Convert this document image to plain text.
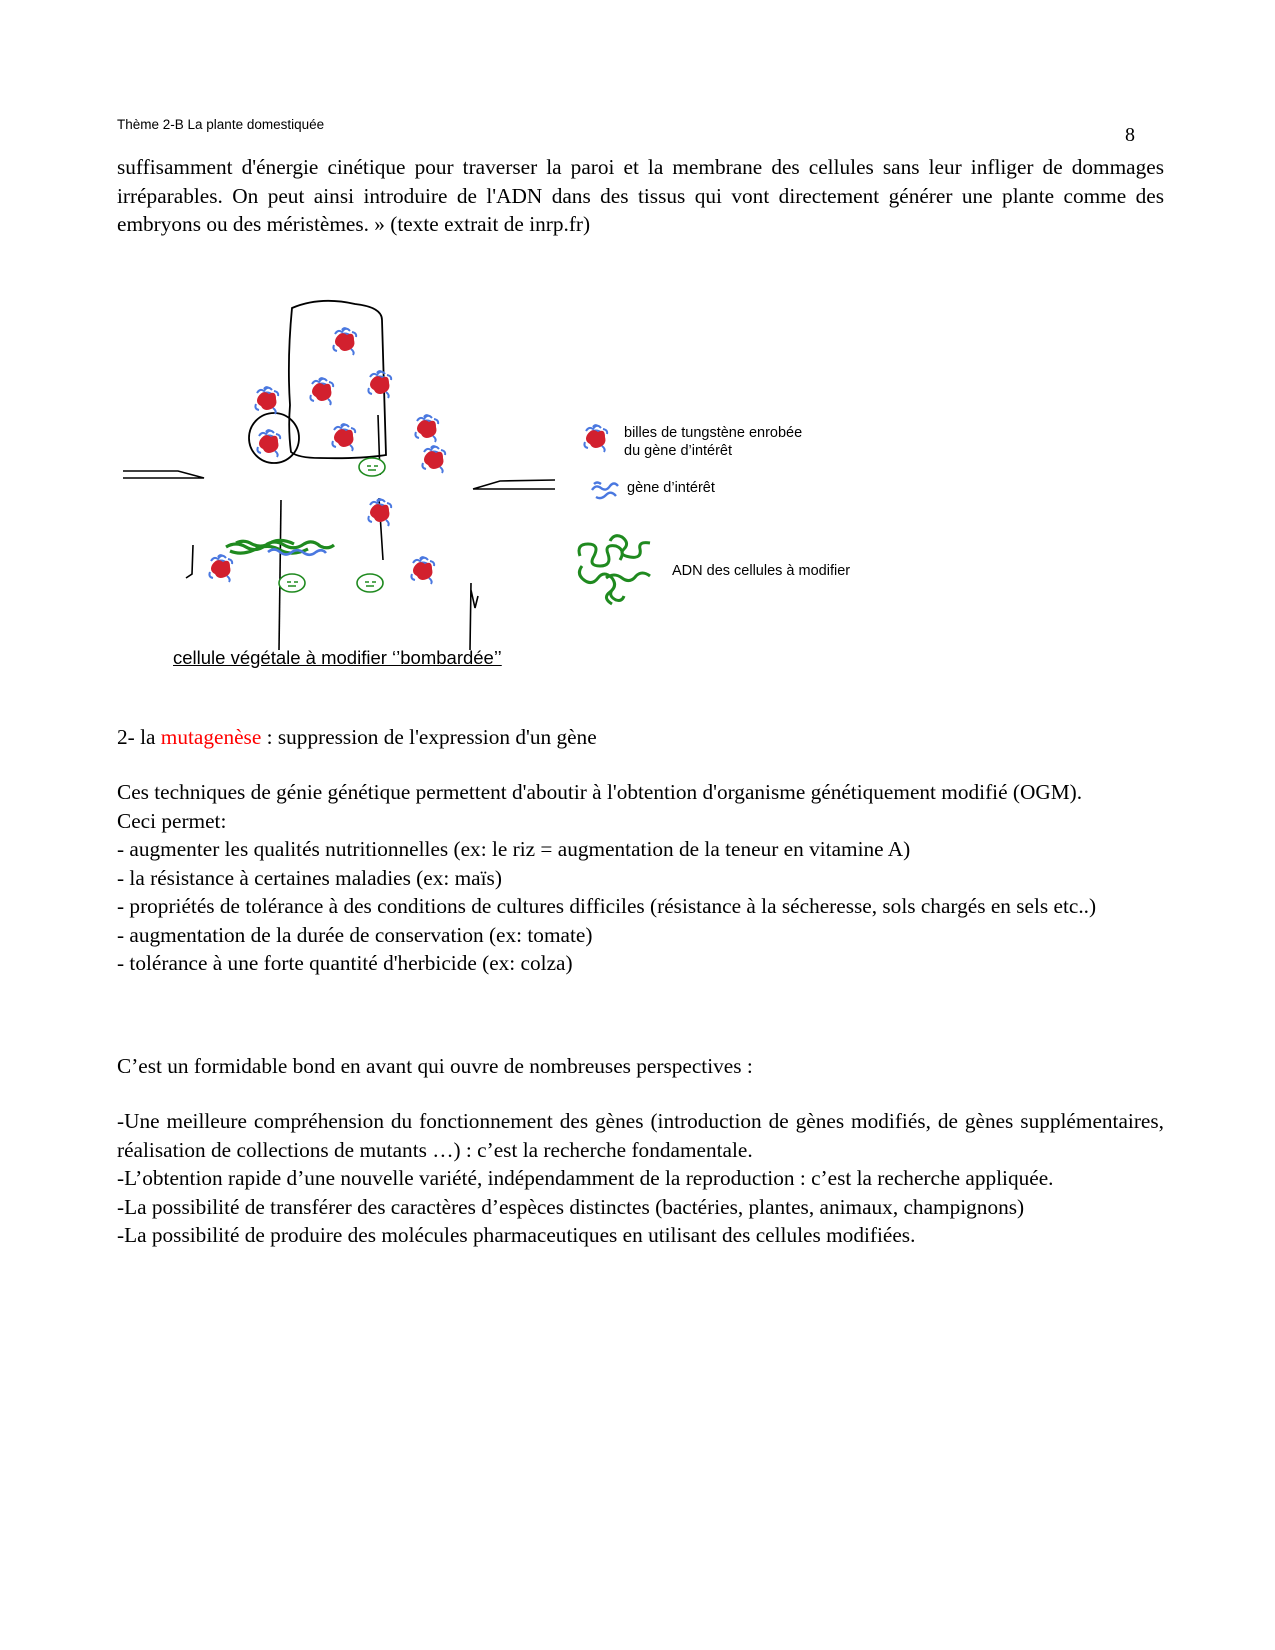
Thème 2-B La plante domestiquée	8

suffisamment d'énergie cinétique pour traverser la paroi et la membrane des cellules sans leur infliger de dommages irréparables. On peut ainsi introduire de l'ADN dans des tissus qui vont directement générer une plante comme des embryons ou des méristèmes. » (texte extrait de inrp.fr)

billes de tungstène enrobée
du gène d’intérêt
gène d’intérêt
ADN des cellules à modifier
cellule végétale à modifier ‘’bombardée’’

2- la mutagenèse : suppression de l'expression d'un gène

Ces techniques de génie génétique permettent d'aboutir à l'obtention d'organisme génétiquement modifié (OGM).

Ceci permet:

- augmenter les qualités nutritionnelles (ex: le riz = augmentation de la teneur en vitamine A)

- la résistance à certaines maladies (ex: maïs)

- propriétés de tolérance à des conditions de cultures difficiles (résistance à la sécheresse, sols chargés en sels etc..)

- augmentation de la durée de conservation (ex: tomate)

- tolérance à une forte quantité d'herbicide (ex: colza)

C’est un formidable bond en avant qui ouvre de nombreuses perspectives :

-Une meilleure compréhension du fonctionnement des gènes (introduction de gènes modifiés, de gènes supplémentaires, réalisation de collections de mutants …) : c’est la recherche fondamentale.

-L’obtention rapide d’une nouvelle variété, indépendamment de la reproduction : c’est la recherche appliquée.

-La possibilité de transférer des caractères d’espèces distinctes (bactéries, plantes, animaux, champignons)

-La possibilité de produire des molécules pharmaceutiques en utilisant des cellules modifiées.
